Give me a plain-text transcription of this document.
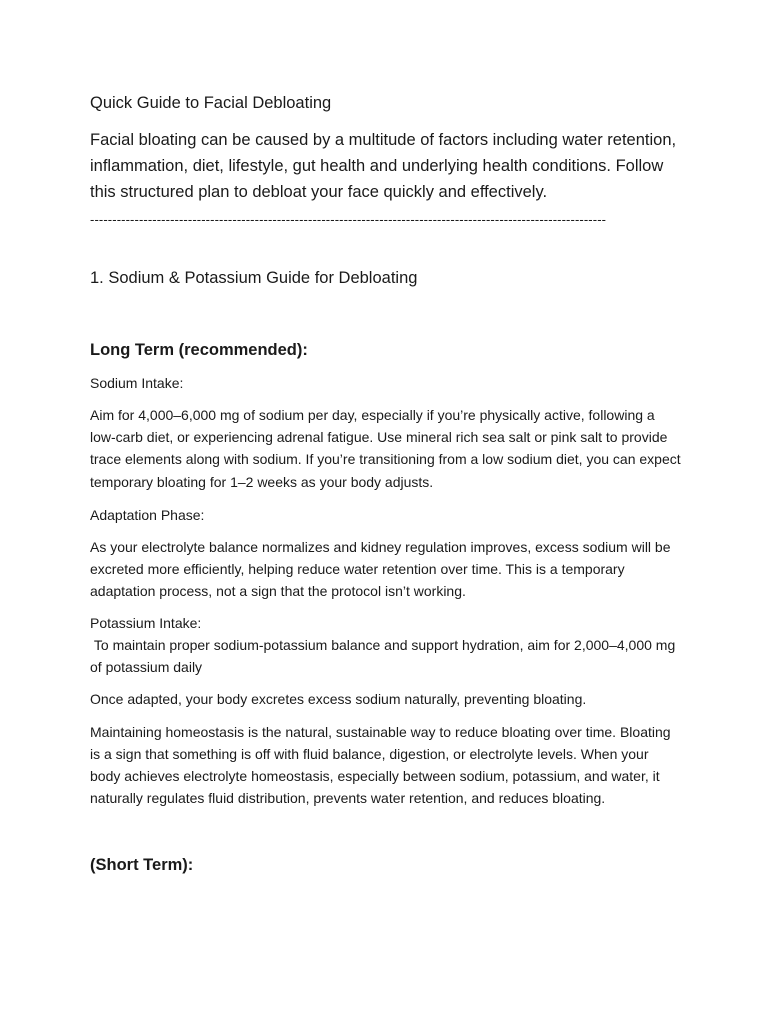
Quick Guide to Facial Debloating

Facial bloating can be caused by a multitude of factors including water retention, inflammation, diet, lifestyle, gut health and underlying health conditions. Follow this structured plan to debloat your face quickly and effectively.

--------------------------------------------------------------------------------------------------------------------
1. Sodium & Potassium Guide for Debloating
Long Term (recommended):
Sodium Intake:

Aim for 4,000–6,000 mg of sodium per day, especially if you’re physically active, following a low-carb diet, or experiencing adrenal fatigue. Use mineral rich sea salt or pink salt to provide trace elements along with sodium. If you’re transitioning from a low sodium diet, you can expect temporary bloating for 1–2 weeks as your body adjusts.

Adaptation Phase:

As your electrolyte balance normalizes and kidney regulation improves, excess sodium will be excreted more efficiently, helping reduce water retention over time. This is a temporary adaptation process, not a sign that the protocol isn’t working.

Potassium Intake:
To maintain proper sodium-potassium balance and support hydration, aim for 2,000–4,000 mg of potassium daily

Once adapted, your body excretes excess sodium naturally, preventing bloating.

Maintaining homeostasis is the natural, sustainable way to reduce bloating over time. Bloating is a sign that something is off with fluid balance, digestion, or electrolyte levels. When your body achieves electrolyte homeostasis, especially between sodium, potassium, and water, it naturally regulates fluid distribution, prevents water retention, and reduces bloating.

(Short Term):
